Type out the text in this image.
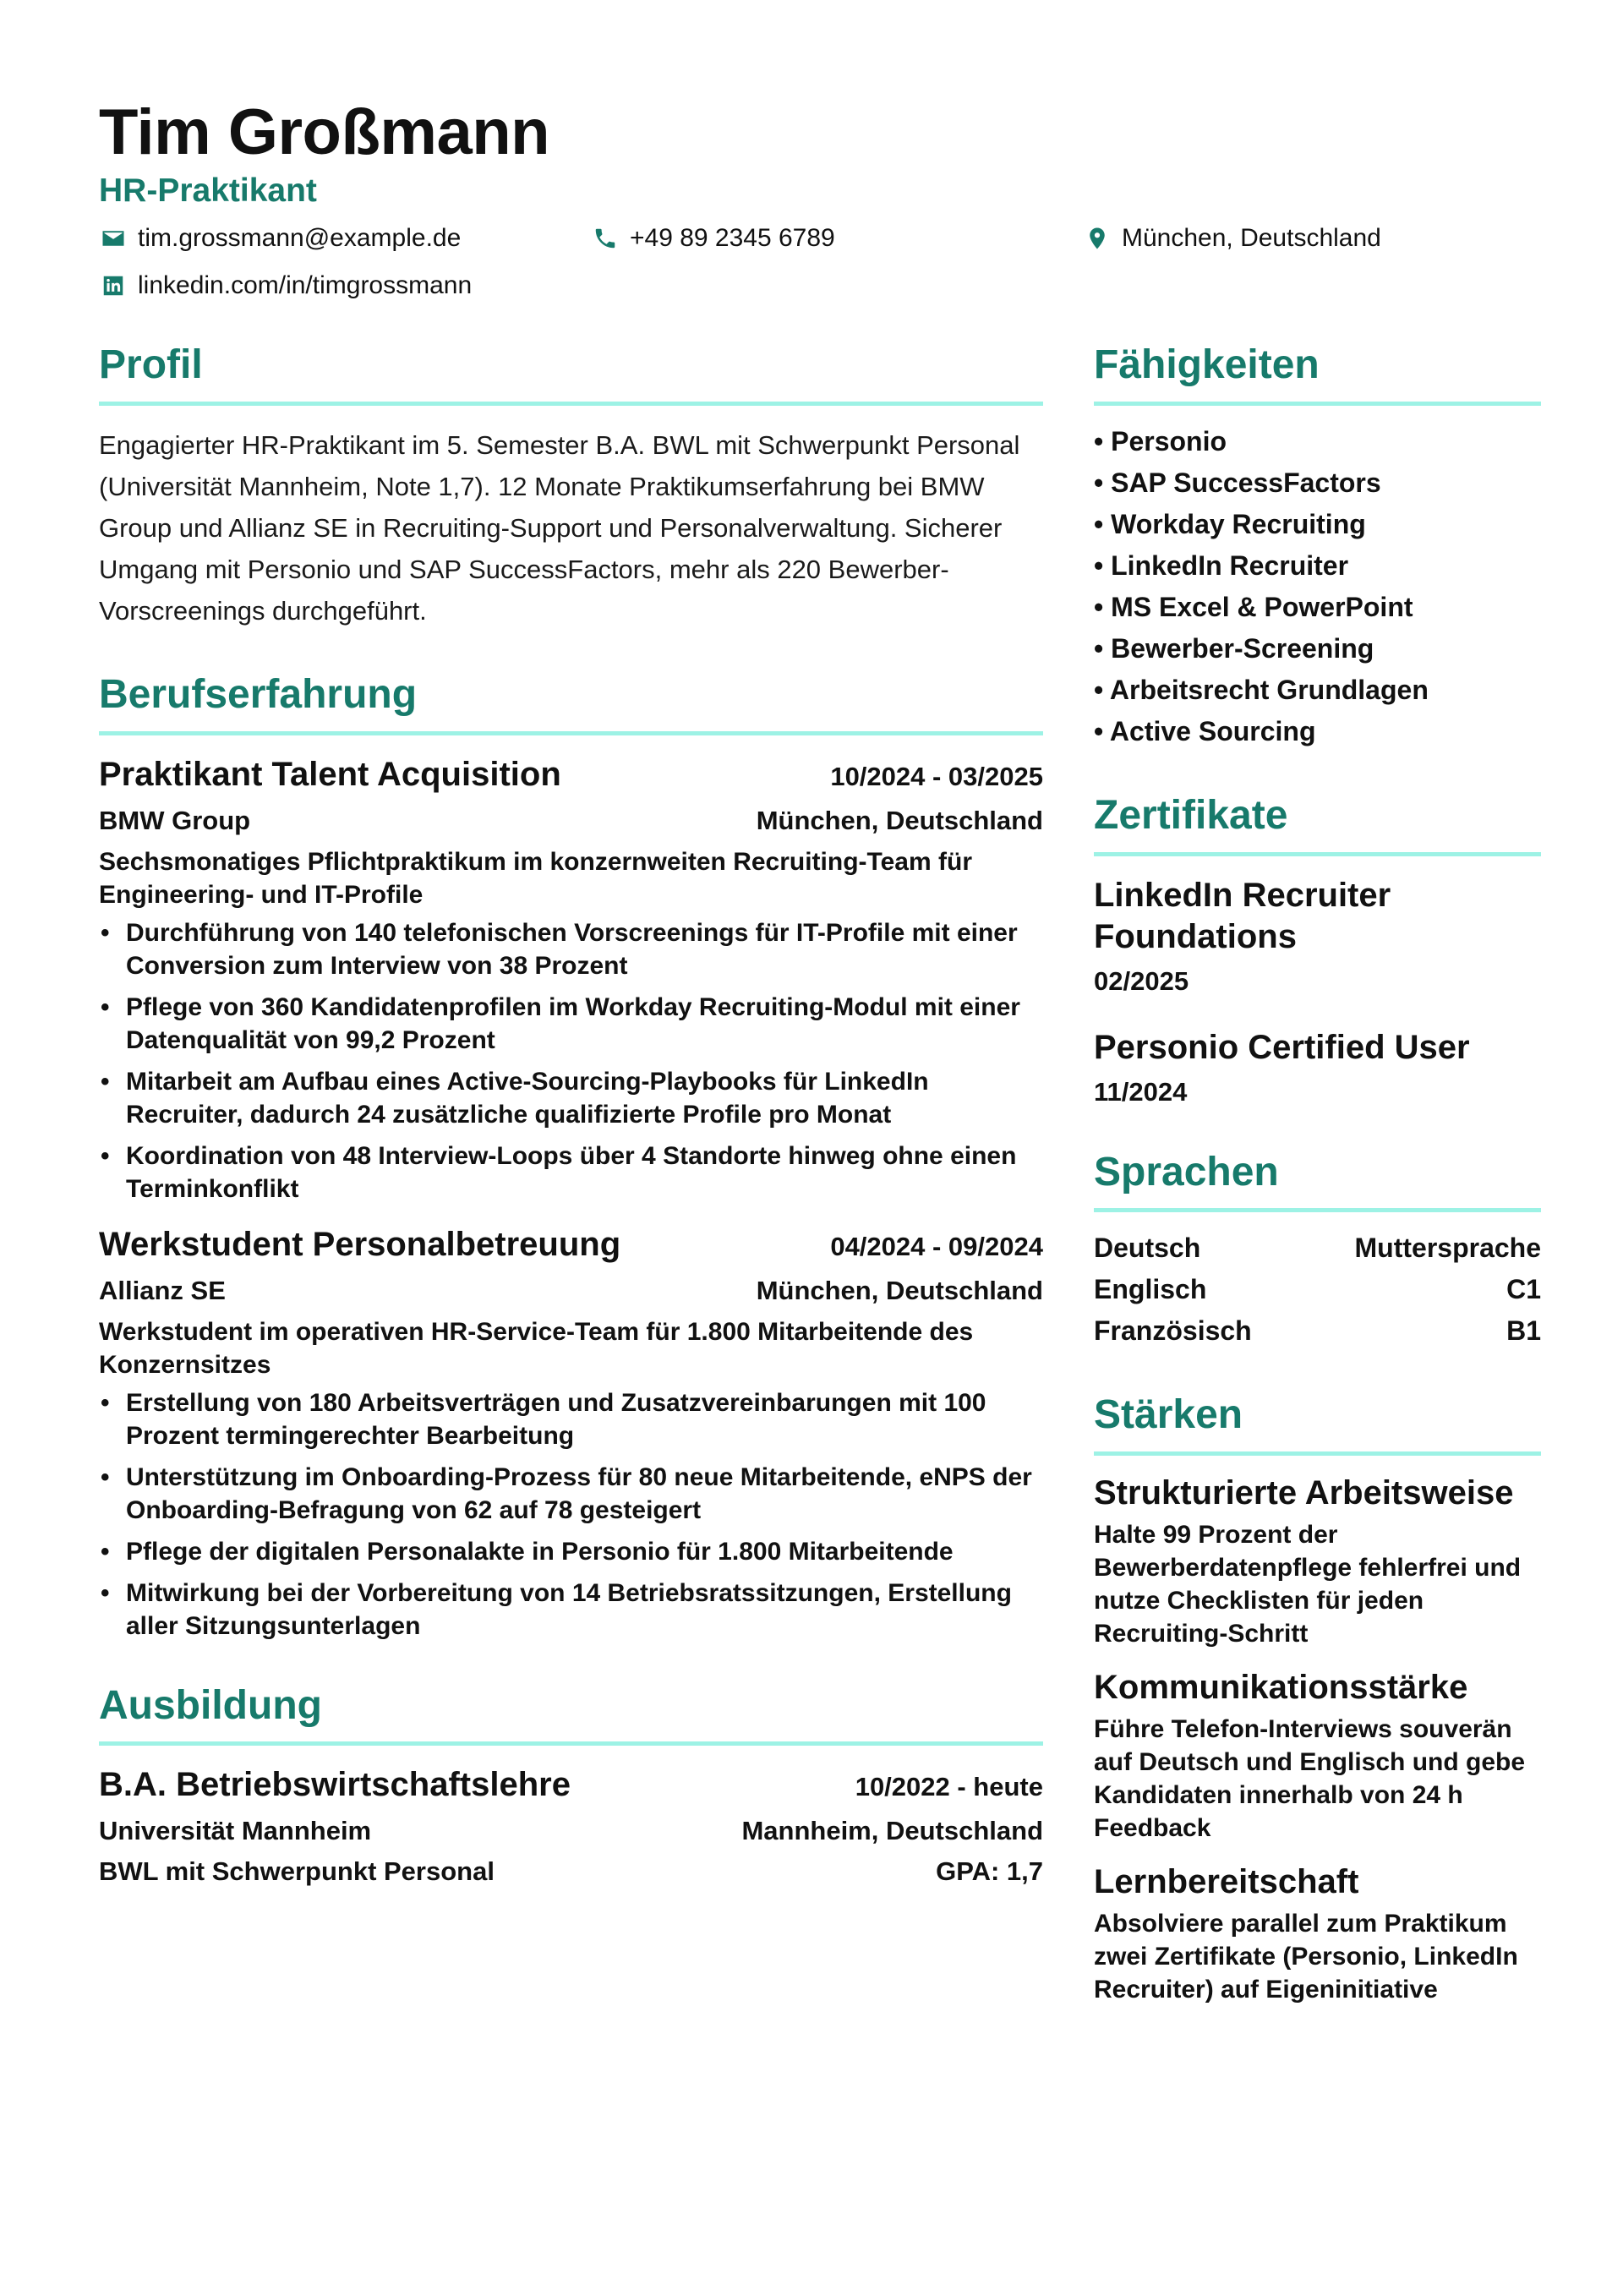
Tim Großmann
HR-Praktikant
tim.grossmann@example.de	+49 89 2345 6789	München, Deutschland
linkedin.com/in/timgrossmann
Profil
Engagierter HR-Praktikant im 5. Semester B.A. BWL mit Schwerpunkt Personal (Universität Mannheim, Note 1,7). 12 Monate Praktikumserfahrung bei BMW Group und Allianz SE in Recruiting-Support und Personalverwaltung. Sicherer Umgang mit Personio und SAP SuccessFactors, mehr als 220 Bewerber-Vorscreenings durchgeführt.
Berufserfahrung
Praktikant Talent Acquisition	10/2024 - 03/2025
BMW Group	München, Deutschland
Sechsmonatiges Pflichtpraktikum im konzernweiten Recruiting-Team für Engineering- und IT-Profile
• Durchführung von 140 telefonischen Vorscreenings für IT-Profile mit einer Conversion zum Interview von 38 Prozent
• Pflege von 360 Kandidatenprofilen im Workday Recruiting-Modul mit einer Datenqualität von 99,2 Prozent
• Mitarbeit am Aufbau eines Active-Sourcing-Playbooks für LinkedIn Recruiter, dadurch 24 zusätzliche qualifizierte Profile pro Monat
• Koordination von 48 Interview-Loops über 4 Standorte hinweg ohne einen Terminkonflikt
Werkstudent Personalbetreuung	04/2024 - 09/2024
Allianz SE	München, Deutschland
Werkstudent im operativen HR-Service-Team für 1.800 Mitarbeitende des Konzernsitzes
• Erstellung von 180 Arbeitsverträgen und Zusatzvereinbarungen mit 100 Prozent termingerechter Bearbeitung
• Unterstützung im Onboarding-Prozess für 80 neue Mitarbeitende, eNPS der Onboarding-Befragung von 62 auf 78 gesteigert
• Pflege der digitalen Personalakte in Personio für 1.800 Mitarbeitende
• Mitwirkung bei der Vorbereitung von 14 Betriebsratssitzungen, Erstellung aller Sitzungsunterlagen
Ausbildung
B.A. Betriebswirtschaftslehre	10/2022 - heute
Universität Mannheim	Mannheim, Deutschland
BWL mit Schwerpunkt Personal	GPA: 1,7
Fähigkeiten
• Personio
• SAP SuccessFactors
• Workday Recruiting
• LinkedIn Recruiter
• MS Excel & PowerPoint
• Bewerber-Screening
• Arbeitsrecht Grundlagen
• Active Sourcing
Zertifikate
LinkedIn Recruiter Foundations
02/2025
Personio Certified User
11/2024
Sprachen
Deutsch	Muttersprache
Englisch	C1
Französisch	B1
Stärken
Strukturierte Arbeitsweise
Halte 99 Prozent der Bewerberdatenpflege fehlerfrei und nutze Checklisten für jeden Recruiting-Schritt
Kommunikationsstärke
Führe Telefon-Interviews souverän auf Deutsch und Englisch und gebe Kandidaten innerhalb von 24 h Feedback
Lernbereitschaft
Absolviere parallel zum Praktikum zwei Zertifikate (Personio, LinkedIn Recruiter) auf Eigeninitiative
